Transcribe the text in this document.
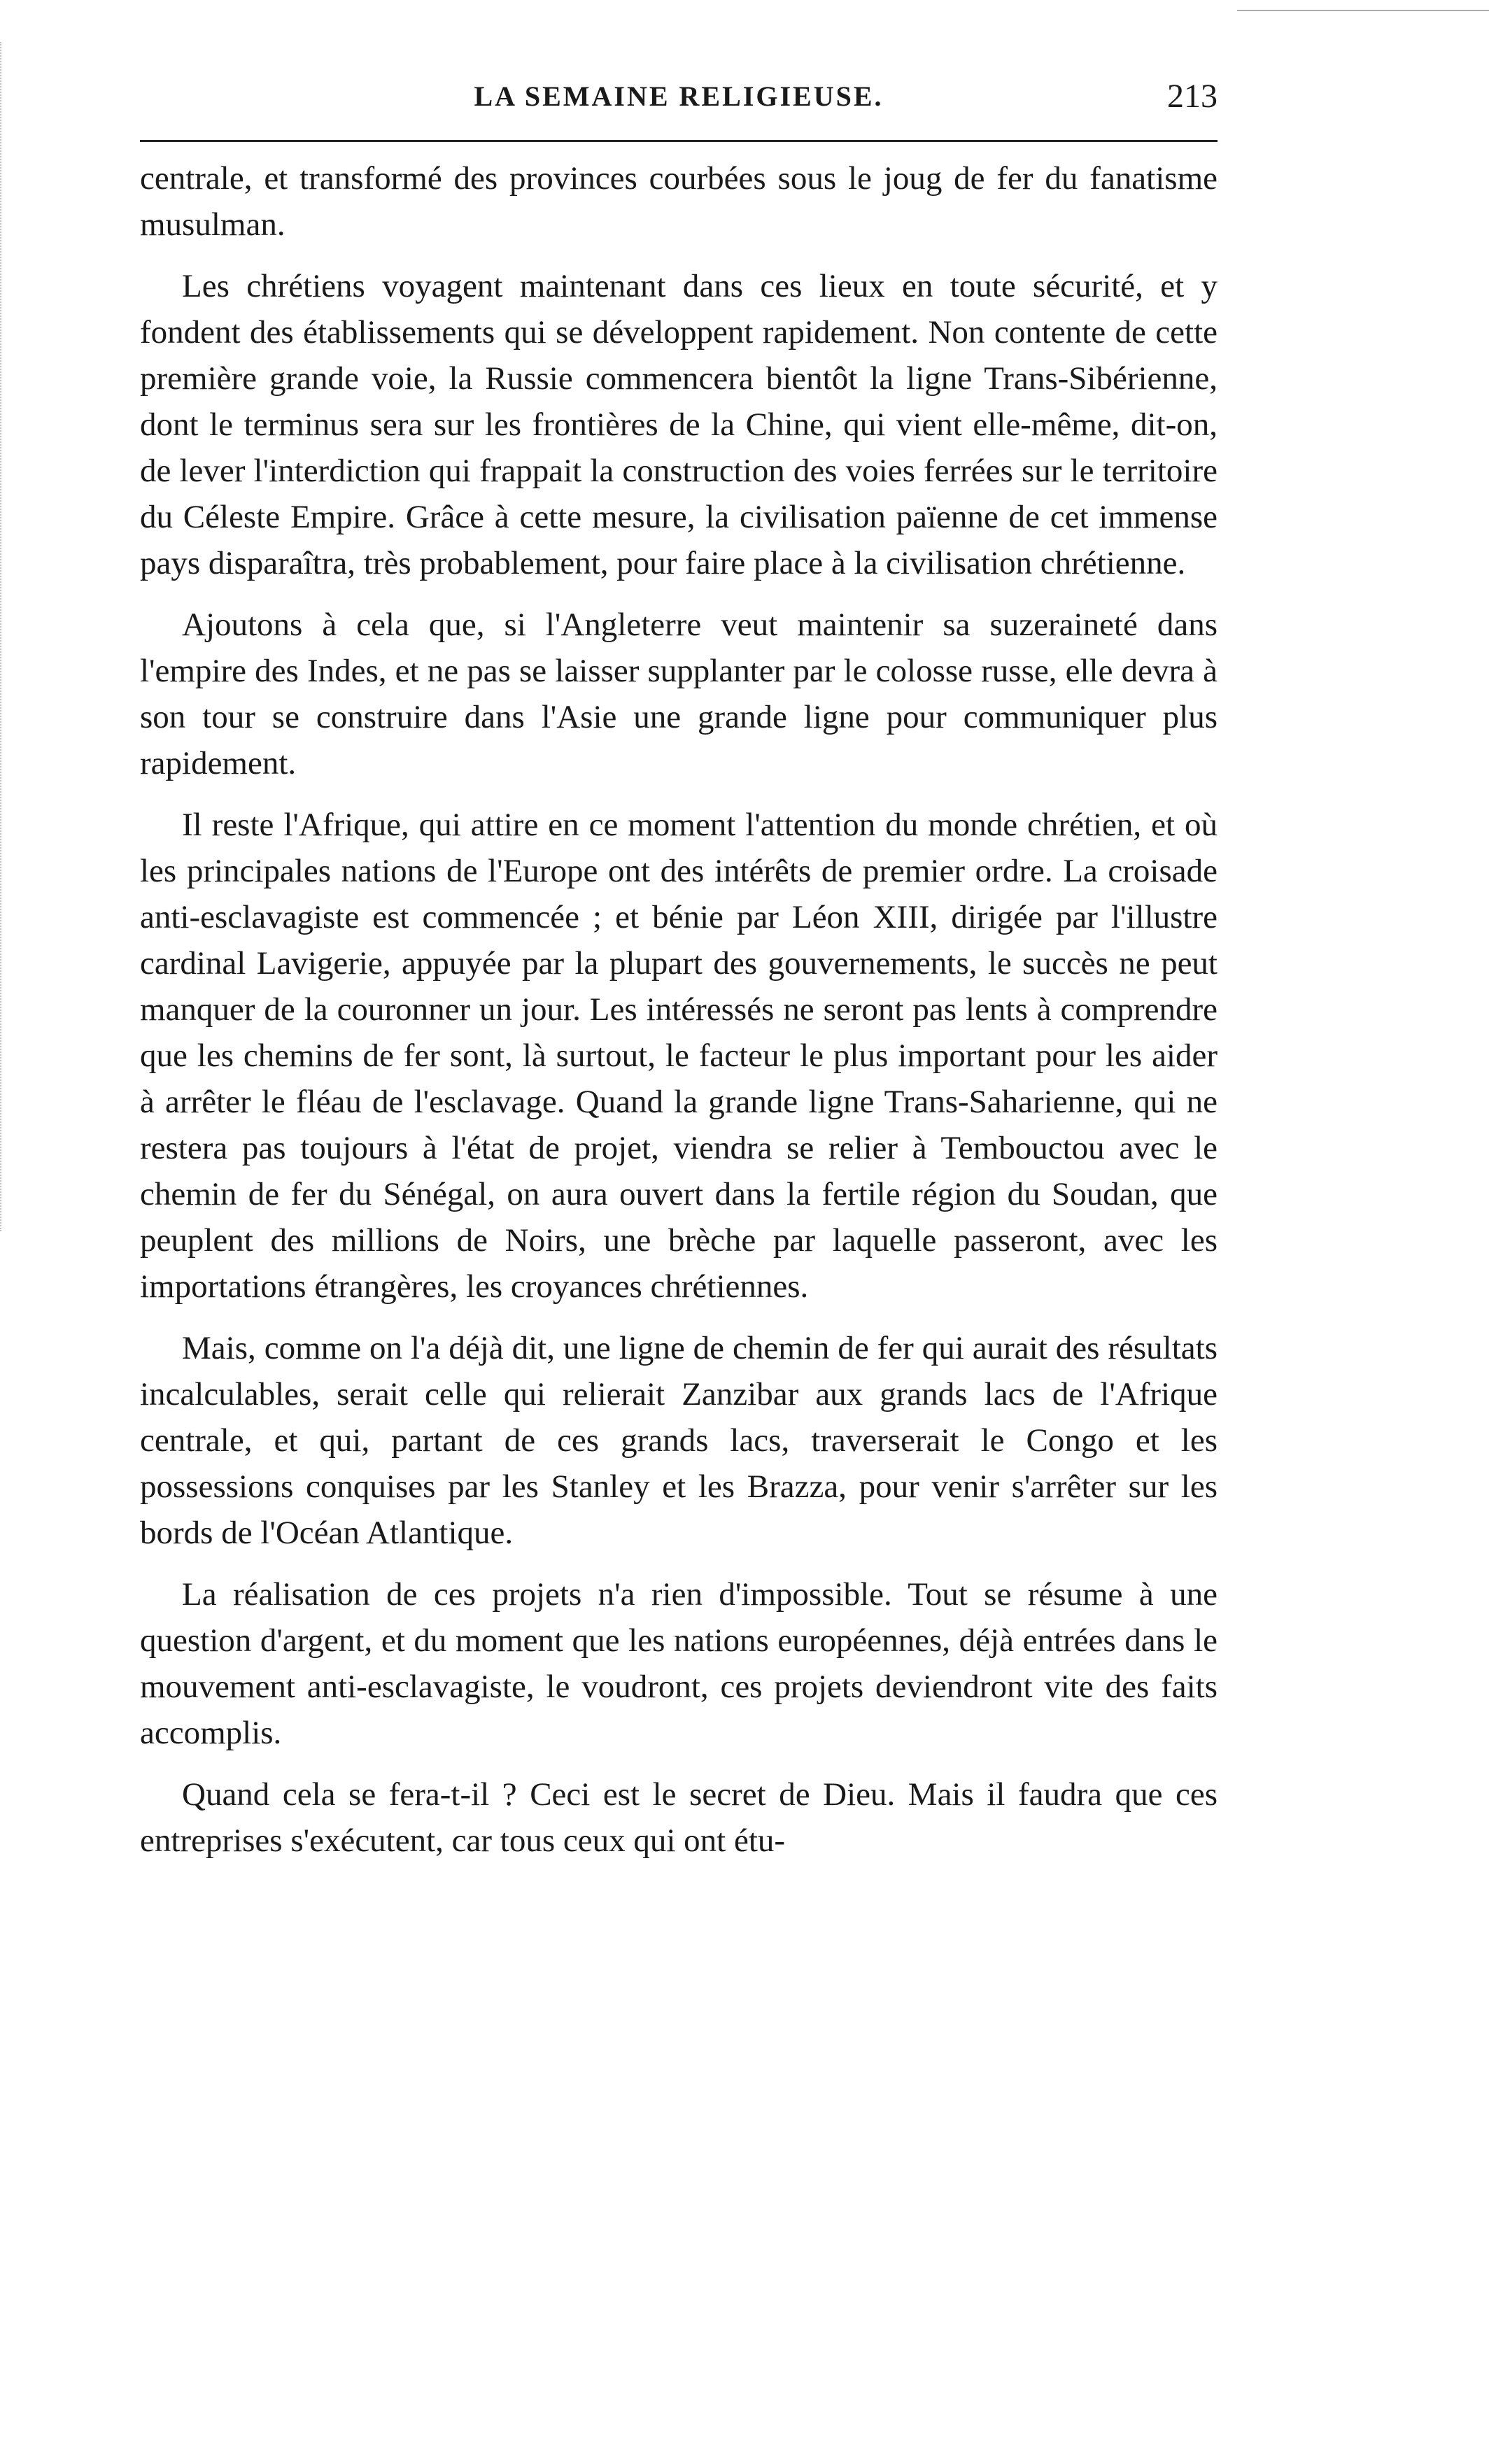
LA SEMAINE RELIGIEUSE.	213

centrale, et transformé des provinces courbées sous le joug de fer du fanatisme musulman.

Les chrétiens voyagent maintenant dans ces lieux en toute sécurité, et y fondent des établissements qui se développent rapidement. Non contente de cette première grande voie, la Russie commencera bientôt la ligne Trans-Sibérienne, dont le terminus sera sur les frontières de la Chine, qui vient elle-même, dit-on, de lever l'interdiction qui frappait la construction des voies ferrées sur le territoire du Céleste Empire. Grâce à cette mesure, la civilisation païenne de cet immense pays disparaîtra, très probablement, pour faire place à la civilisation chrétienne.

Ajoutons à cela que, si l'Angleterre veut maintenir sa suzeraineté dans l'empire des Indes, et ne pas se laisser supplanter par le colosse russe, elle devra à son tour se construire dans l'Asie une grande ligne pour communiquer plus rapidement.

Il reste l'Afrique, qui attire en ce moment l'attention du monde chrétien, et où les principales nations de l'Europe ont des intérêts de premier ordre. La croisade anti-esclavagiste est commencée ; et bénie par Léon XIII, dirigée par l'illustre cardinal Lavigerie, appuyée par la plupart des gouvernements, le succès ne peut manquer de la couronner un jour. Les intéressés ne seront pas lents à comprendre que les chemins de fer sont, là surtout, le facteur le plus important pour les aider à arrêter le fléau de l'esclavage. Quand la grande ligne Trans-Saharienne, qui ne restera pas toujours à l'état de projet, viendra se relier à Tembouctou avec le chemin de fer du Sénégal, on aura ouvert dans la fertile région du Soudan, que peuplent des millions de Noirs, une brèche par laquelle passeront, avec les importations étrangères, les croyances chrétiennes.

Mais, comme on l'a déjà dit, une ligne de chemin de fer qui aurait des résultats incalculables, serait celle qui relierait Zanzibar aux grands lacs de l'Afrique centrale, et qui, partant de ces grands lacs, traverserait le Congo et les possessions conquises par les Stanley et les Brazza, pour venir s'arrêter sur les bords de l'Océan Atlantique.

La réalisation de ces projets n'a rien d'impossible. Tout se résume à une question d'argent, et du moment que les nations européennes, déjà entrées dans le mouvement anti-esclavagiste, le voudront, ces projets deviendront vite des faits accomplis.

Quand cela se fera-t-il ? Ceci est le secret de Dieu. Mais il faudra que ces entreprises s'exécutent, car tous ceux qui ont étu-
